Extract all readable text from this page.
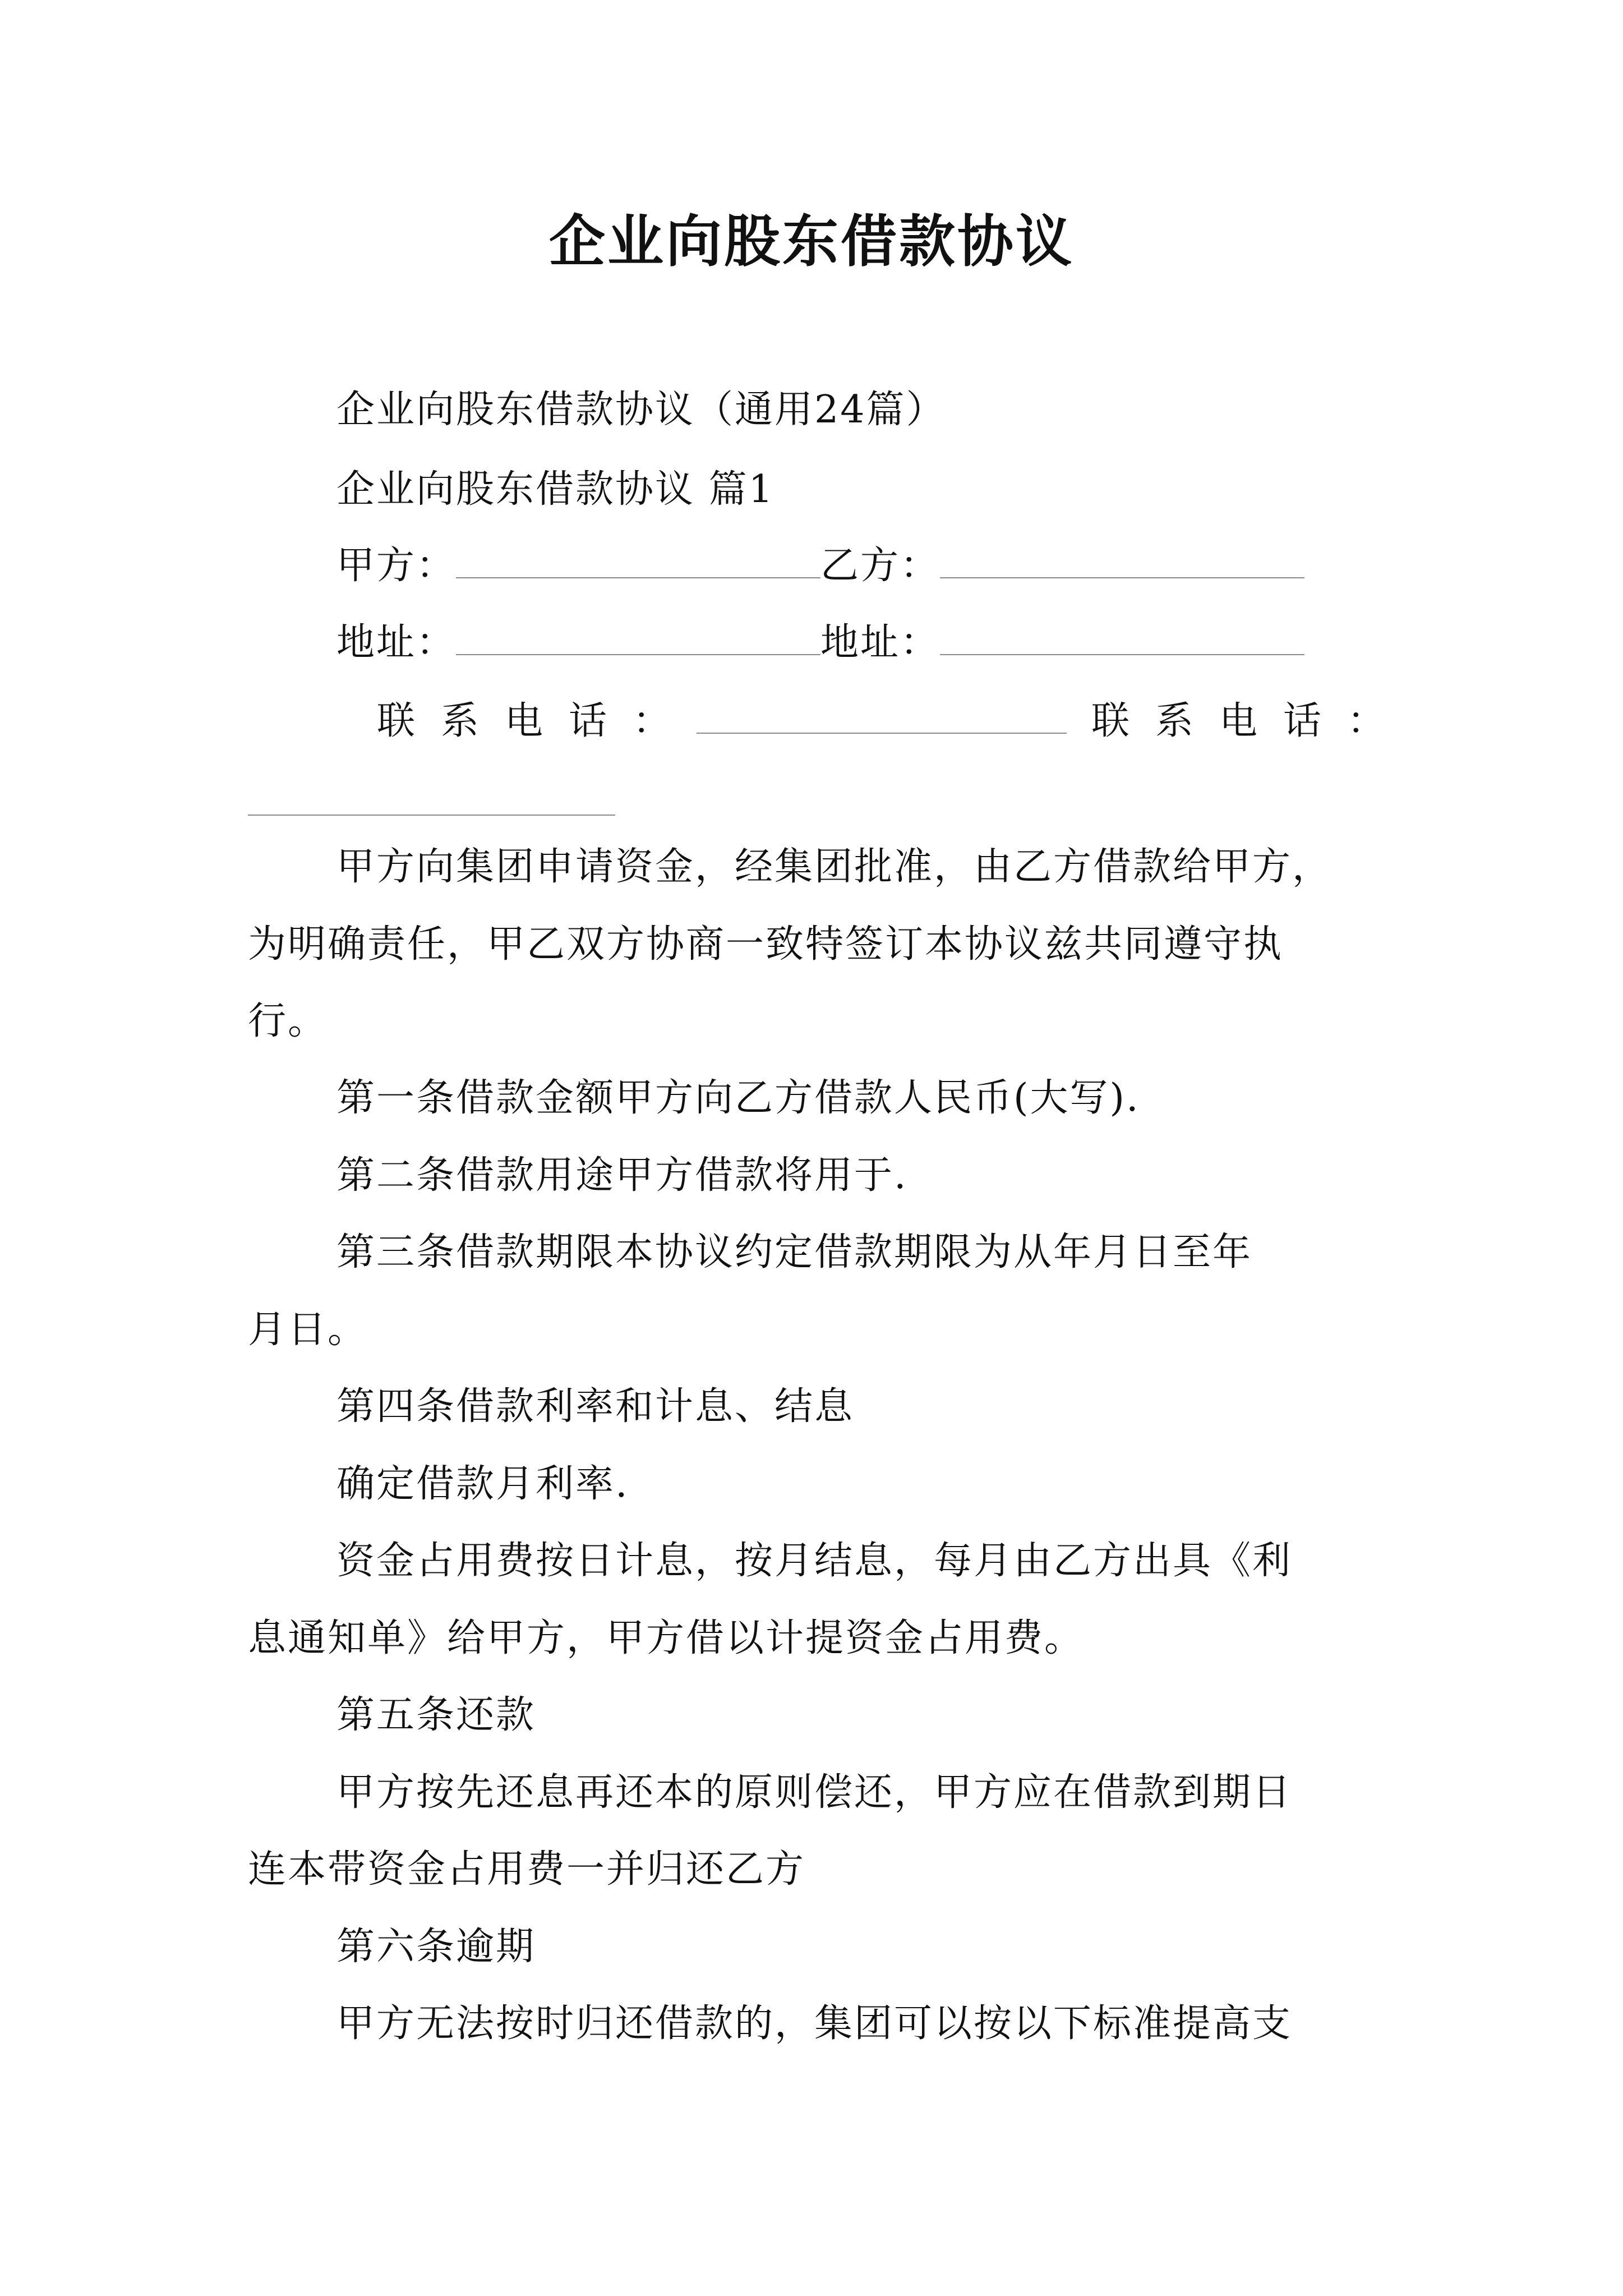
企业向股东借款协议
企业向股东借款协议（通用24篇）
企业向股东借款协议 篇1
甲方：	乙方：
地址：	地址：
联系电话：	联系电话：
甲方向集团申请资金，经集团批准，由乙方借款给甲方，
为明确责任，甲乙双方协商一致特签订本协议兹共同遵守执
行。
第一条借款金额甲方向乙方借款人民币(大写).
第二条借款用途甲方借款将用于.
第三条借款期限本协议约定借款期限为从年月日至年
月日。
第四条借款利率和计息、结息
确定借款月利率.
资金占用费按日计息，按月结息，每月由乙方出具《利
息通知单》给甲方，甲方借以计提资金占用费。
第五条还款
甲方按先还息再还本的原则偿还，甲方应在借款到期日
连本带资金占用费一并归还乙方
第六条逾期
甲方无法按时归还借款的，集团可以按以下标准提高支
